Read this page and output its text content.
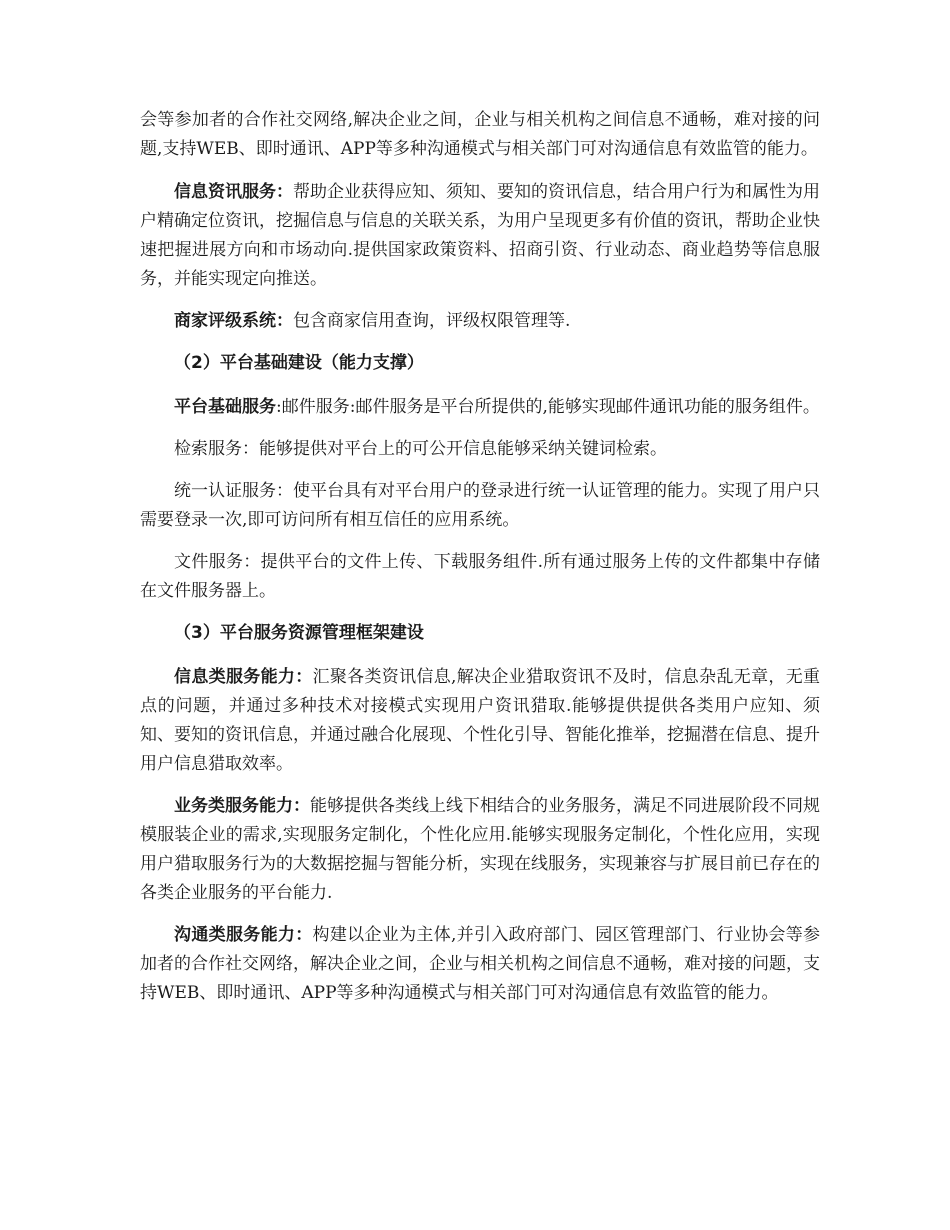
会等参加者的合作社交网络,解决企业之间，企业与相关机构之间信息不通畅，难对接的问题,支持WEB、即时通讯、APP等多种沟通模式与相关部门可对沟通信息有效监管的能力。

信息资讯服务：帮助企业获得应知、须知、要知的资讯信息，结合用户行为和属性为用户精确定位资讯，挖掘信息与信息的关联关系，为用户呈现更多有价值的资讯，帮助企业快速把握进展方向和市场动向.提供国家政策资料、招商引资、行业动态、商业趋势等信息服务，并能实现定向推送。

商家评级系统：包含商家信用查询，评级权限管理等.

（2）平台基础建设（能力支撑）

平台基础服务:邮件服务:邮件服务是平台所提供的,能够实现邮件通讯功能的服务组件。

检索服务：能够提供对平台上的可公开信息能够采纳关键词检索。

统一认证服务：使平台具有对平台用户的登录进行统一认证管理的能力。实现了用户只需要登录一次,即可访问所有相互信任的应用系统。

文件服务：提供平台的文件上传、下载服务组件.所有通过服务上传的文件都集中存储在文件服务器上。

（3）平台服务资源管理框架建设

信息类服务能力：汇聚各类资讯信息,解决企业猎取资讯不及时，信息杂乱无章，无重点的问题，并通过多种技术对接模式实现用户资讯猎取.能够提供提供各类用户应知、须知、要知的资讯信息，并通过融合化展现、个性化引导、智能化推举，挖掘潜在信息、提升用户信息猎取效率。

业务类服务能力：能够提供各类线上线下相结合的业务服务，满足不同进展阶段不同规模服装企业的需求,实现服务定制化，个性化应用.能够实现服务定制化，个性化应用，实现用户猎取服务行为的大数据挖掘与智能分析，实现在线服务，实现兼容与扩展目前已存在的各类企业服务的平台能力.

沟通类服务能力：构建以企业为主体,并引入政府部门、园区管理部门、行业协会等参加者的合作社交网络，解决企业之间，企业与相关机构之间信息不通畅，难对接的问题，支持WEB、即时通讯、APP等多种沟通模式与相关部门可对沟通信息有效监管的能力。
